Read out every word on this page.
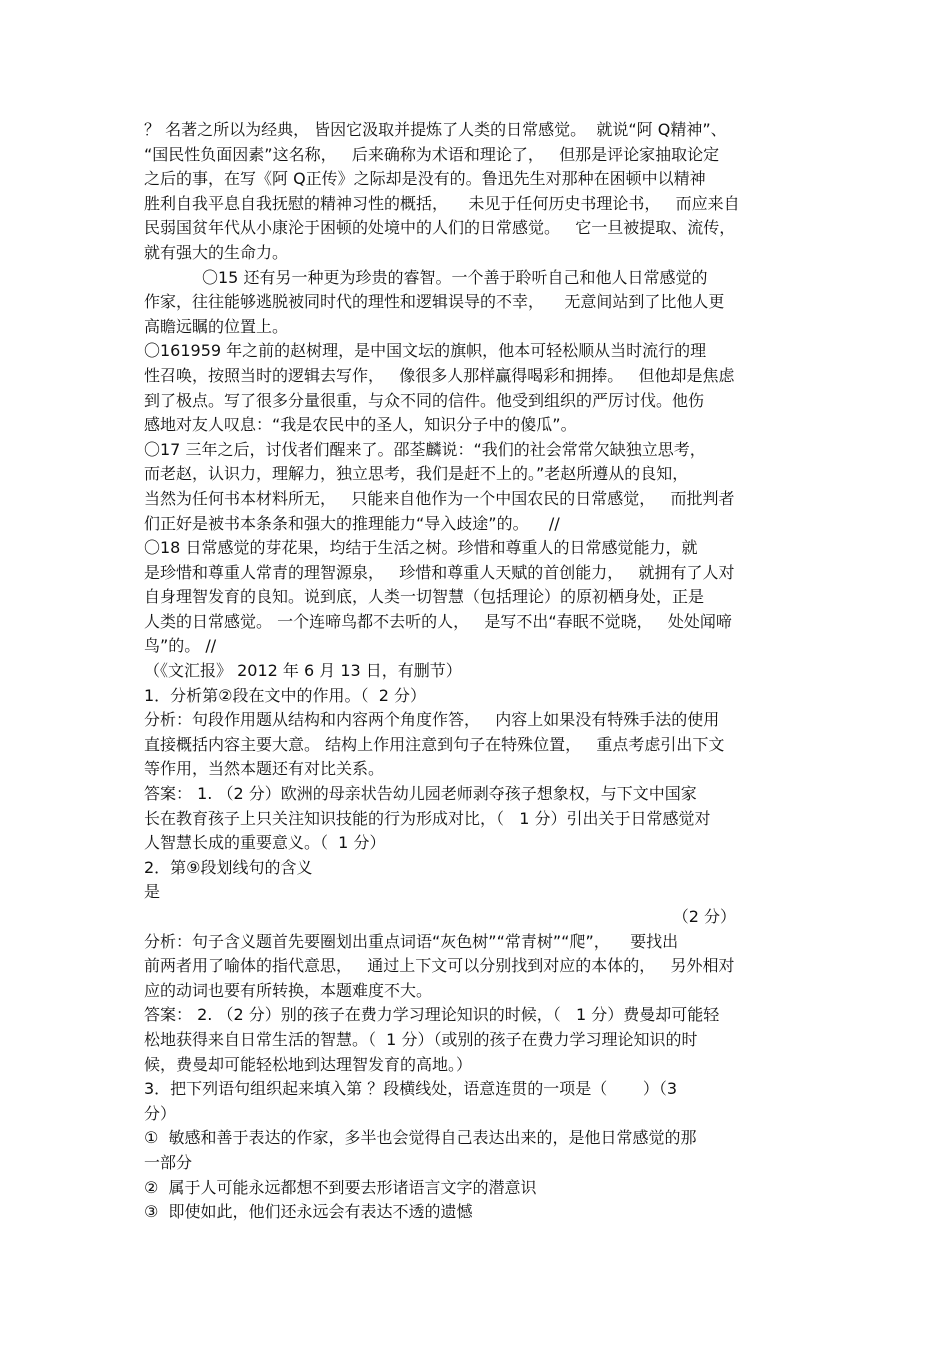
？ 名著之所以为经典， 皆因它汲取并提炼了人类的日常感觉。  就说“阿 Q精神”、
“国民性负面因素”这名称，   后来确称为术语和理论了，   但那是评论家抽取论定
之后的事，在写《阿 Q正传》之际却是没有的。鲁迅先生对那种在困顿中以精神
胜利自我平息自我抚慰的精神习性的概括，    未见于任何历史书理论书，   而应来自
民弱国贫年代从小康沦于困顿的处境中的人们的日常感觉。   它一旦被提取、流传，
就有强大的生命力。
〇15 还有另一种更为珍贵的睿智。一个善于聆听自己和他人日常感觉的
作家，往往能够逃脱被同时代的理性和逻辑误导的不幸，    无意间站到了比他人更
高瞻远瞩的位置上。
〇161959 年之前的赵树理，是中国文坛的旗帜，他本可轻松顺从当时流行的理
性召唤，按照当时的逻辑去写作，   像很多人那样赢得喝彩和拥捧。   但他却是焦虑
到了极点。写了很多分量很重，与众不同的信件。他受到组织的严厉讨伐。他伤
感地对友人叹息：“我是农民中的圣人，知识分子中的傻瓜”。
〇17 三年之后，讨伐者们醒来了。邵荃麟说：“我们的社会常常欠缺独立思考，
而老赵，认识力，理解力，独立思考，我们是赶不上的。”老赵所遵从的良知，
当然为任何书本材料所无，   只能来自他作为一个中国农民的日常感觉，   而批判者
们正好是被书本条条和强大的推理能力“导入歧途”的。    //
〇18 日常感觉的芽花果，均结于生活之树。珍惜和尊重人的日常感觉能力，就
是珍惜和尊重人常青的理智源泉，   珍惜和尊重人天赋的首创能力，   就拥有了人对
自身理智发育的良知。说到底，人类一切智慧（包括理论）的原初栖身处，正是
人类的日常感觉。 一个连啼鸟都不去听的人，   是写不出“春眠不觉晓，   处处闻啼
鸟”的。 //
（《文汇报》 2012 年 6 月 13 日，有删节）
1．分析第②段在文中的作用。（  2 分）
分析：句段作用题从结构和内容两个角度作答，   内容上如果没有特殊手法的使用
直接概括内容主要大意。 结构上作用注意到句子在特殊位置，   重点考虑引出下文
等作用，当然本题还有对比关系。
答案： 1. （2 分）欧洲的母亲状告幼儿园老师剥夺孩子想象权，与下文中国家
长在教育孩子上只关注知识技能的行为形成对比，（   1 分）引出关于日常感觉对
人智慧长成的重要意义。（  1 分）
2．第⑨段划线句的含义
是
（2 分）
分析：句子含义题首先要圈划出重点词语“灰色树”“常青树”“爬”，    要找出
前两者用了喻体的指代意思，   通过上下文可以分别找到对应的本体的，   另外相对
应的动词也要有所转换，本题难度不大。
答案： 2. （2 分）别的孩子在费力学习理论知识的时候，（   1 分）费曼却可能轻
松地获得来自日常生活的智慧。（  1 分）（或别的孩子在费力学习理论知识的时
候，费曼却可能轻松地到达理智发育的高地。）
3．把下列语句组织起来填入第 ？段横线处，语意连贯的一项是（       ）（3
分）
①  敏感和善于表达的作家，多半也会觉得自己表达出来的，是他日常感觉的那
一部分
②  属于人可能永远都想不到要去形诸语言文字的潜意识
③  即使如此，他们还永远会有表达不透的遗憾
